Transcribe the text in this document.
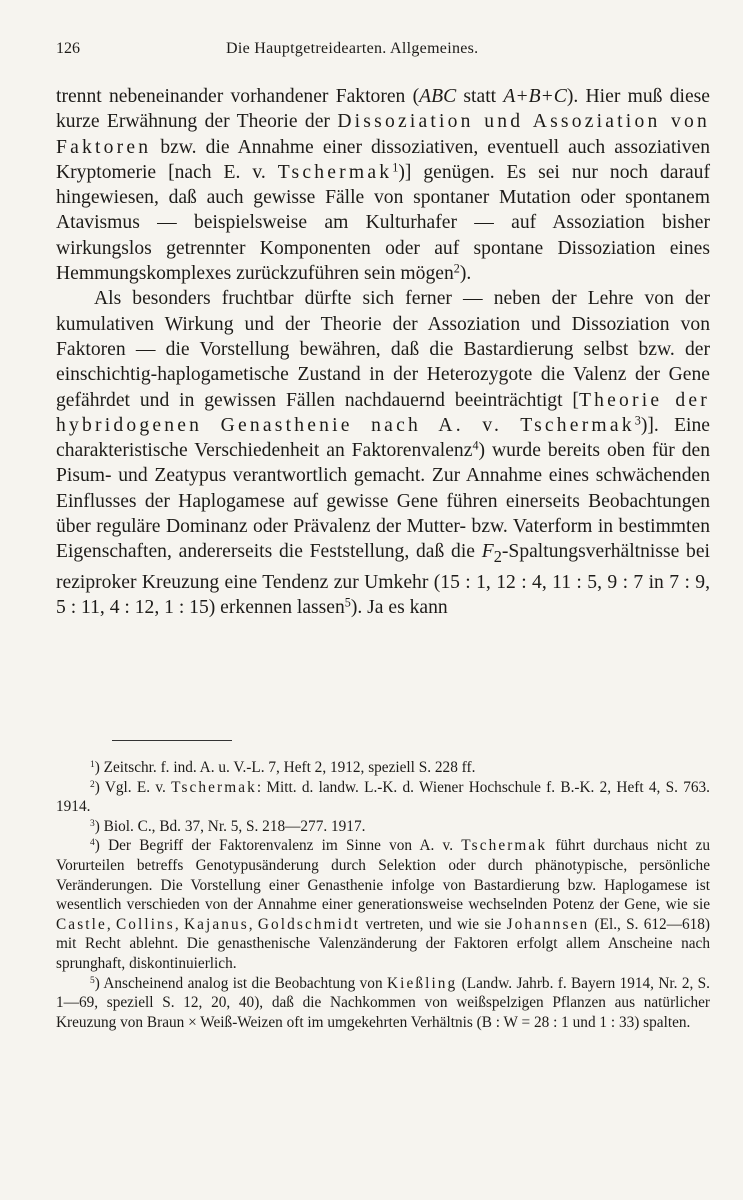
126	Die Hauptgetreidearten. Allgemeines.

trennt nebeneinander vorhandener Faktoren (ABC statt A+B+C). Hier muß diese kurze Erwähnung der Theorie der Dissoziation und Assoziation von Faktoren bzw. die Annahme einer dissoziativen, eventuell auch assoziativen Kryptomerie [nach E. v. Tschermak$^1$)] genügen. Es sei nur noch darauf hingewiesen, daß auch gewisse Fälle von spontaner Mutation oder spontanem Atavismus — beispielsweise am Kulturhafer — auf Assoziation bisher wirkungslos getrennter Komponenten oder auf spontane Dissoziation eines Hemmungskomplexes zurückzuführen sein mögen$^2$).

Als besonders fruchtbar dürfte sich ferner — neben der Lehre von der kumulativen Wirkung und der Theorie der Assoziation und Dissoziation von Faktoren — die Vorstellung bewähren, daß die Bastardierung selbst bzw. der einschichtig-haplogametische Zustand in der Heterozygote die Valenz der Gene gefährdet und in gewissen Fällen nachdauernd beeinträchtigt [Theorie der hybridogenen Genasthenie nach A. v. Tschermak$^3$)]. Eine charakteristische Verschiedenheit an Faktorenvalenz$^4$) wurde bereits oben für den Pisum- und Zeatypus verantwortlich gemacht. Zur Annahme eines schwächenden Einflusses der Haplogamese auf gewisse Gene führen einerseits Beobachtungen über reguläre Dominanz oder Prävalenz der Mutter- bzw. Vaterform in bestimmten Eigenschaften, andererseits die Feststellung, daß die $F_2$-Spaltungsverhältnisse bei reziproker Kreuzung eine Tendenz zur Umkehr (15 : 1, 12 : 4, 11 : 5, 9 : 7 in 7 : 9, 5 : 11, 4 : 12, 1 : 15) erkennen lassen$^5$). Ja es kann

$^1$) Zeitschr. f. ind. A. u. V.-L. 7, Heft 2, 1912, speziell S. 228 ff.

$^2$) Vgl. E. v. Tschermak: Mitt. d. landw. L.-K. d. Wiener Hochschule f. B.-K. 2, Heft 4, S. 763. 1914.

$^3$) Biol. C., Bd. 37, Nr. 5, S. 218—277. 1917.

$^4$) Der Begriff der Faktorenvalenz im Sinne von A. v. Tschermak führt durchaus nicht zu Vorurteilen betreffs Genotypusänderung durch Selektion oder durch phänotypische, persönliche Veränderungen. Die Vorstellung einer Genasthenie infolge von Bastardierung bzw. Haplogamese ist wesentlich verschieden von der Annahme einer generationsweise wechselnden Potenz der Gene, wie sie Castle, Collins, Kajanus, Goldschmidt vertreten, und wie sie Johannsen (El., S. 612—618) mit Recht ablehnt. Die genasthenische Valenzänderung der Faktoren erfolgt allem Anscheine nach sprunghaft, diskontinuierlich.

$^5$) Anscheinend analog ist die Beobachtung von Kießling (Landw. Jahrb. f. Bayern 1914, Nr. 2, S. 1—69, speziell S. 12, 20, 40), daß die Nachkommen von weißspelzigen Pflanzen aus natürlicher Kreuzung von Braun × Weiß-Weizen oft im umgekehrten Verhältnis (B : W = 28 : 1 und 1 : 33) spalten.
